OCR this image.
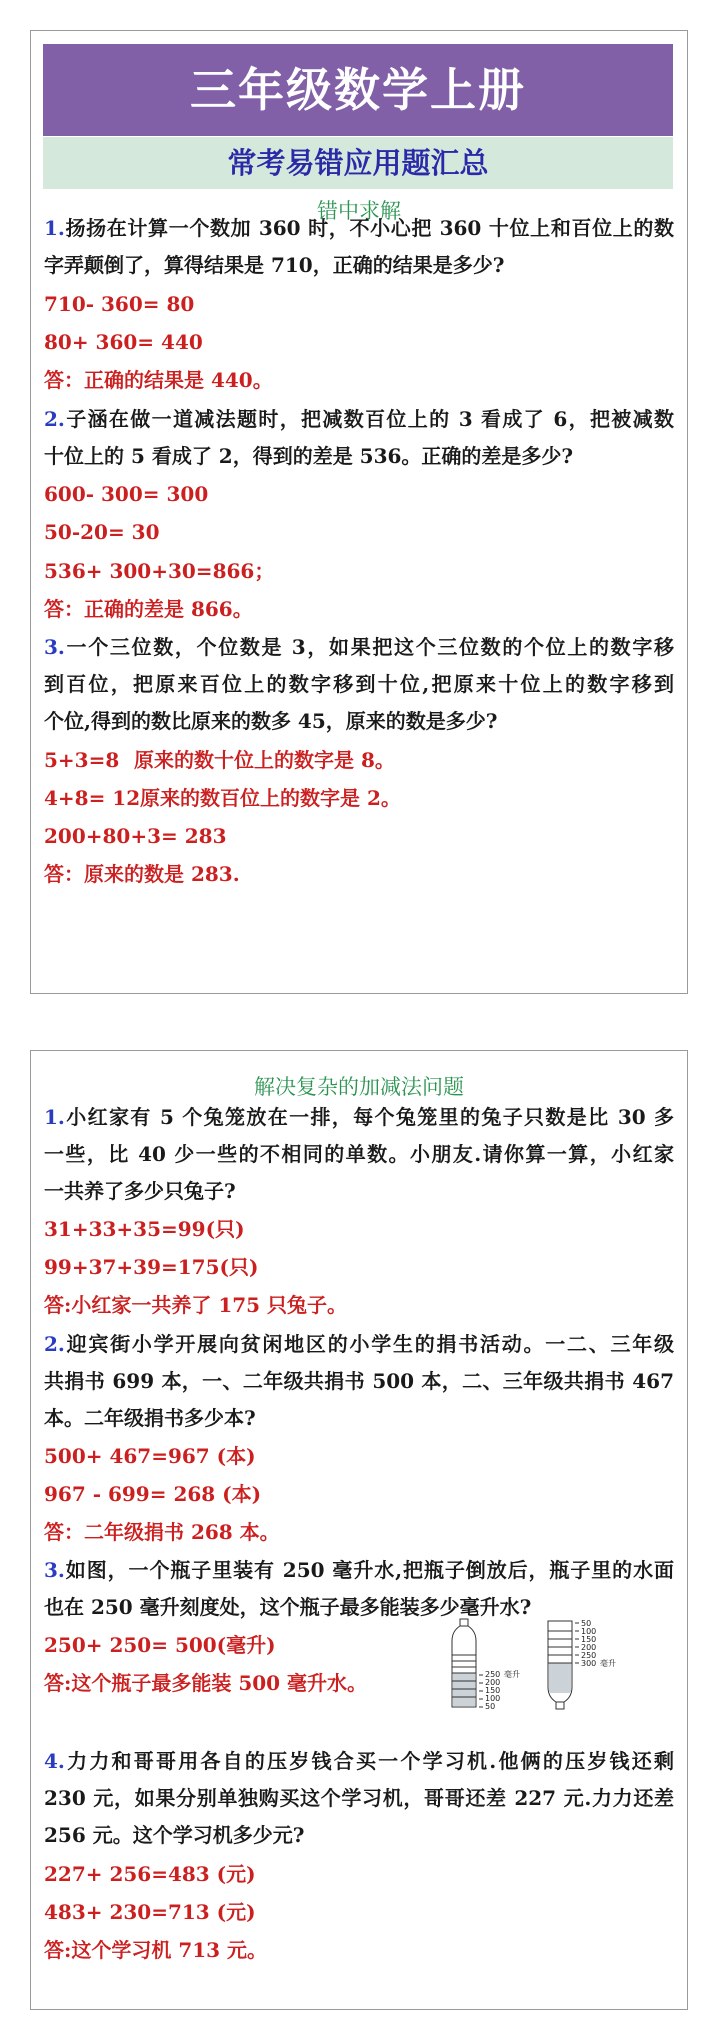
三年级数学上册
常考易错应用题汇总
错中求解
1.扬扬在计算一个数加 360 时，不小心把 360 十位上和百位上的数
字弄颠倒了，算得结果是 710，正确的结果是多少?
710- 360= 80
80+ 360= 440
答：正确的结果是 440。
2.子涵在做一道减法题时，把减数百位上的 3 看成了 6，把被减数
十位上的 5 看成了 2，得到的差是 536。正确的差是多少?
600- 300= 300
50-20= 30
536+ 300+30=866；
答：正确的差是 866。
3.一个三位数，个位数是 3，如果把这个三位数的个位上的数字移
到百位，把原来百位上的数字移到十位,把原来十位上的数字移到
个位,得到的数比原来的数多 45，原来的数是多少?
5+3=8 原来的数十位上的数字是 8。
4+8= 12原来的数百位上的数字是 2。
200+80+3= 283
答：原来的数是 283.
解决复杂的加减法问题
1.小红家有 5 个兔笼放在一排，每个兔笼里的兔子只数是比 30 多
一些，比 40 少一些的不相同的单数。小朋友.请你算一算，小红家
一共养了多少只兔子?
31+33+35=99(只)
99+37+39=175(只)
答:小红家一共养了 175 只兔子。
2.迎宾街小学开展向贫闲地区的小学生的捐书活动。一二、三年级
共捐书 699 本，一、二年级共捐书 500 本，二、三年级共捐书 467
本。二年级捐书多少本?
500+ 467=967 (本)
967 - 699= 268 (本)
答：二年级捐书 268 本。
3.如图，一个瓶子里装有 250 毫升水,把瓶子倒放后，瓶子里的水面
也在 250 毫升刻度处，这个瓶子最多能装多少毫升水?
250+ 250= 500(毫升)
答:这个瓶子最多能装 500 毫升水。	250
200
150
100
50
毫升
50
100
150
200
250
300 毫升
4.力力和哥哥用各自的压岁钱合买一个学习机.他俩的压岁钱还剩
230 元，如果分别单独购买这个学习机，哥哥还差 227 元.力力还差
256 元。这个学习机多少元?
227+ 256=483 (元)
483+ 230=713 (元)
答:这个学习机 713 元。
